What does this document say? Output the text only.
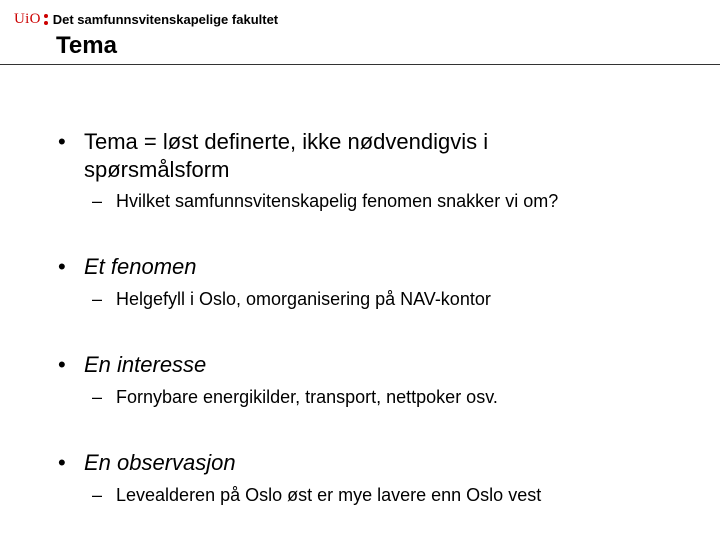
UiO Det samfunnsvitenskapelige fakultet
Tema
• Tema = løst definerte, ikke nødvendigvis i spørsmålsform
– Hvilket samfunnsvitenskapelig fenomen snakker vi om?
• Et fenomen
– Helgefyll i Oslo, omorganisering på NAV-kontor
• En interesse
– Fornybare energikilder, transport, nettpoker osv.
• En observasjon
– Levealderen på Oslo øst er mye lavere enn Oslo vest
